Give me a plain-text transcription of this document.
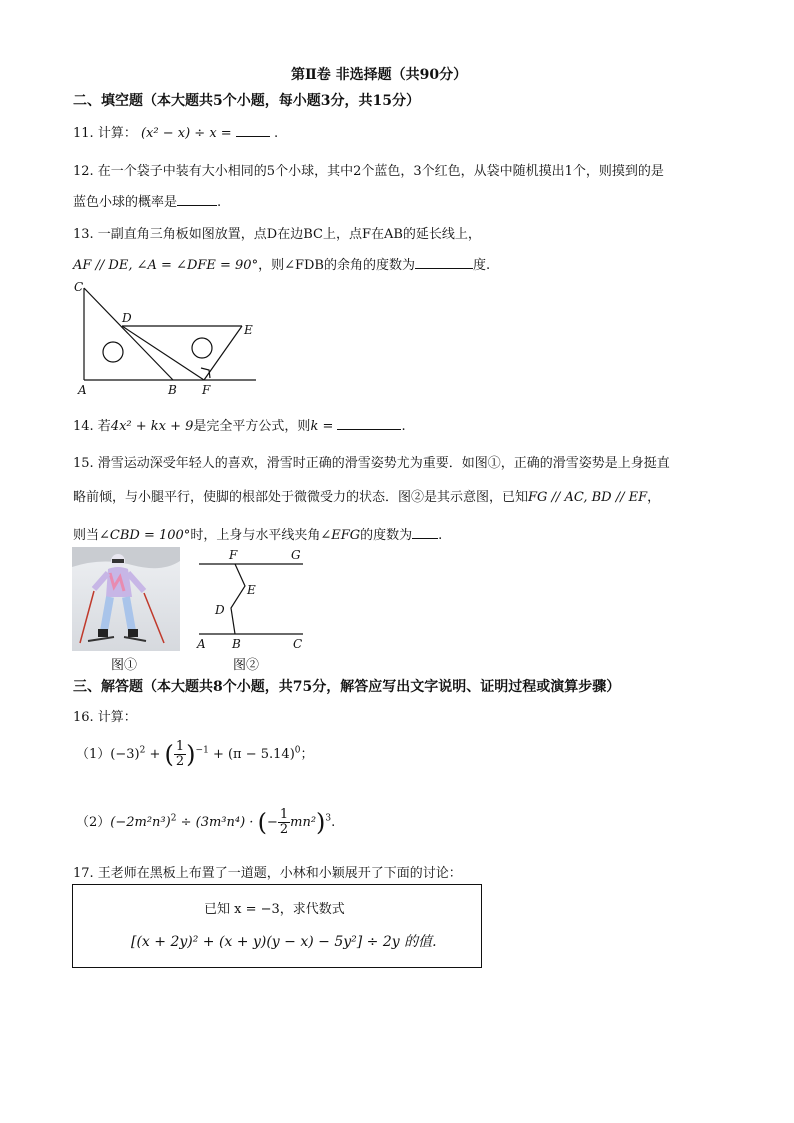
第Ⅱ卷 非选择题（共90分）
二、填空题（本大题共5个小题，每小题3分，共15分）
11. 计算： (x² − x) ÷ x =	.
12. 在一个袋子中装有大小相同的5个小球，其中2个蓝色，3个红色，从袋中随机摸出1个，则摸到的是
蓝色小球的概率是	.
13. 一副直角三角板如图放置，点D在边BC上，点F在AB的延长线上，
AF // DE, ∠A = ∠DFE = 90°，则∠FDB的余角的度数为	度.
C
D
E
A	B F
14. 若4x² + kx + 9是完全平方公式，则k =	.
15. 滑雪运动深受年轻人的喜欢，滑雪时正确的滑雪姿势尤为重要．如图①，正确的滑雪姿势是上身挺直
略前倾，与小腿平行，使脚的根部处于微微受力的状态．图②是其示意图，已知FG // AC, BD // EF，
则当∠CBD = 100°时，上身与水平线夹角∠EFG的度数为 .
图①
F	G
E
D
A B	C
图②
三、解答题（本大题共8个小题，共75分，解答应写出文字说明、证明过程或演算步骤）
16. 计算：
$(1)(-3)^2$ + ( $\frac{1}{2} )^{-1} + (\pi - 5.14)^0$；
$(2)(-2m^2n^3)^2 \div (3m^3n^4)$ · (− $\frac{1}{2} mn^2)^3$.
17. 王老师在黑板上布置了一道题，小林和小颖展开了下面的讨论：
已知 x = −3，求代数式
[(x + 2y)² + (x + y)(y − x) − 5y²] ÷ 2y 的值.
